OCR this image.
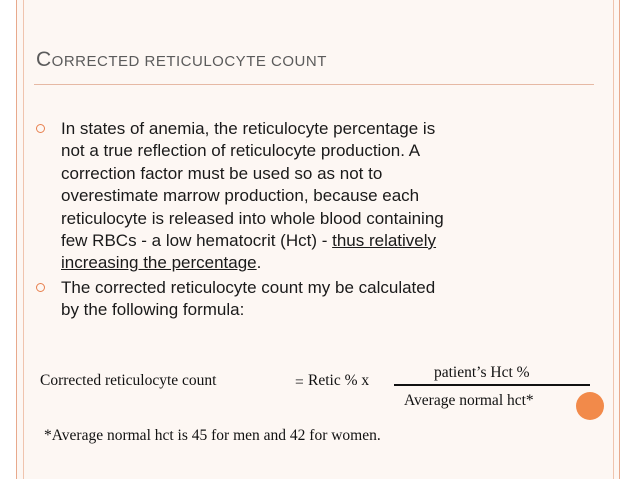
CORRECTED RETICULOCYTE COUNT
In states of anemia, the reticulocyte percentage is
not a true reflection of reticulocyte production. A
correction factor must be used so as not to
overestimate marrow production, because each
reticulocyte is released into whole blood containing
few RBCs - a low hematocrit (Hct) - thus relatively
increasing the percentage.
The corrected reticulocyte count my be calculated
by the following formula:
Corrected reticulocyte count	= Retic % x	patient’s Hct %
Average normal hct*
*Average normal hct is 45 for men and 42 for women.
